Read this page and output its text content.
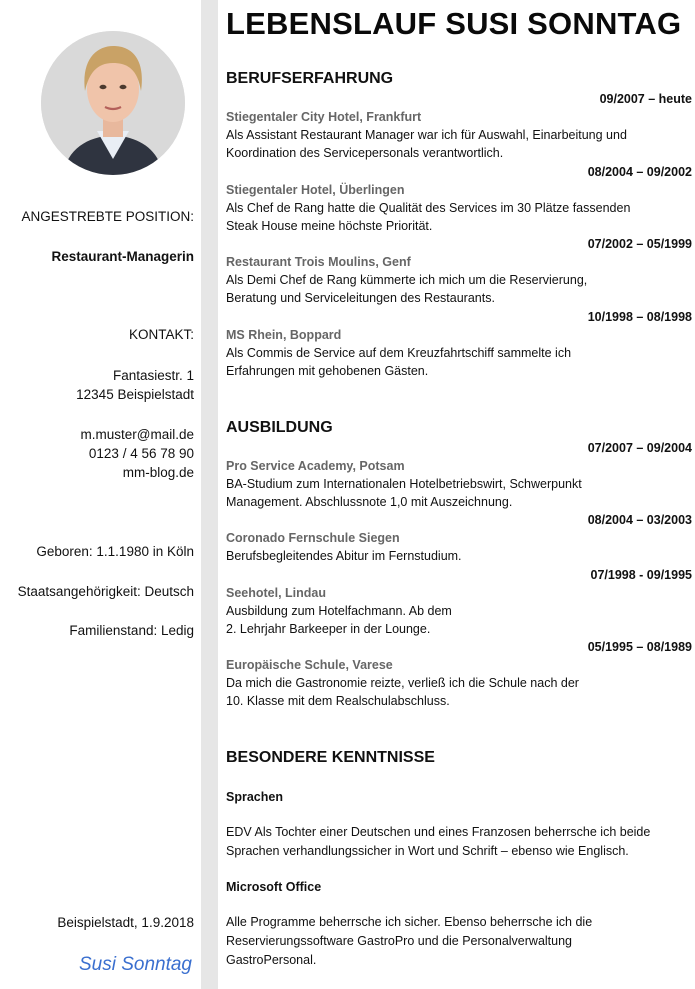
ANGESTREBTE POSITION:
Restaurant-Managerin
KONTAKT:
Fantasiestr. 1
12345 Beispielstadt
m.muster@mail.de
0123 / 4 56 78 90
mm-blog.de
Geboren: 1.1.1980 in Köln
Staatsangehörigkeit: Deutsch
Familienstand: Ledig
Beispielstadt, 1.9.2018
Susi Sonntag
LEBENSLAUF SUSI SONNTAG
BERUFSERFAHRUNG
09/2007 – heute
Stiegentaler City Hotel, Frankfurt
Als Assistant Restaurant Manager war ich für Auswahl, Einarbeitung und
Koordination des Servicepersonals verantwortlich.
08/2004 – 09/2002
Stiegentaler Hotel, Überlingen
Als Chef de Rang hatte die Qualität des Services im 30 Plätze fassenden
Steak House meine höchste Priorität.
07/2002 – 05/1999
Restaurant Trois Moulins, Genf
Als Demi Chef de Rang kümmerte ich mich um die Reservierung,
Beratung und Serviceleitungen des Restaurants.
10/1998 – 08/1998
MS Rhein, Boppard
Als Commis de Service auf dem Kreuzfahrtschiff sammelte ich
Erfahrungen mit gehobenen Gästen.
AUSBILDUNG
07/2007 – 09/2004
Pro Service Academy, Potsam
BA-Studium zum Internationalen Hotelbetriebswirt, Schwerpunkt
Management. Abschlussnote 1,0 mit Auszeichnung.
08/2004 – 03/2003
Coronado Fernschule Siegen
Berufsbegleitendes Abitur im Fernstudium.
07/1998 - 09/1995
Seehotel, Lindau
Ausbildung zum Hotelfachmann. Ab dem
2. Lehrjahr Barkeeper in der Lounge.
05/1995 – 08/1989
Europäische Schule, Varese
Da mich die Gastronomie reizte, verließ ich die Schule nach der
10. Klasse mit dem Realschulabschluss.
BESONDERE KENNTNISSE
Sprachen
EDV Als Tochter einer Deutschen und eines Franzosen beherrsche ich beide
Sprachen verhandlungssicher in Wort und Schrift – ebenso wie Englisch.
Microsoft Office
Alle Programme beherrsche ich sicher. Ebenso beherrsche ich die
Reservierungssoftware GastroPro und die Personalverwaltung
GastroPersonal.
